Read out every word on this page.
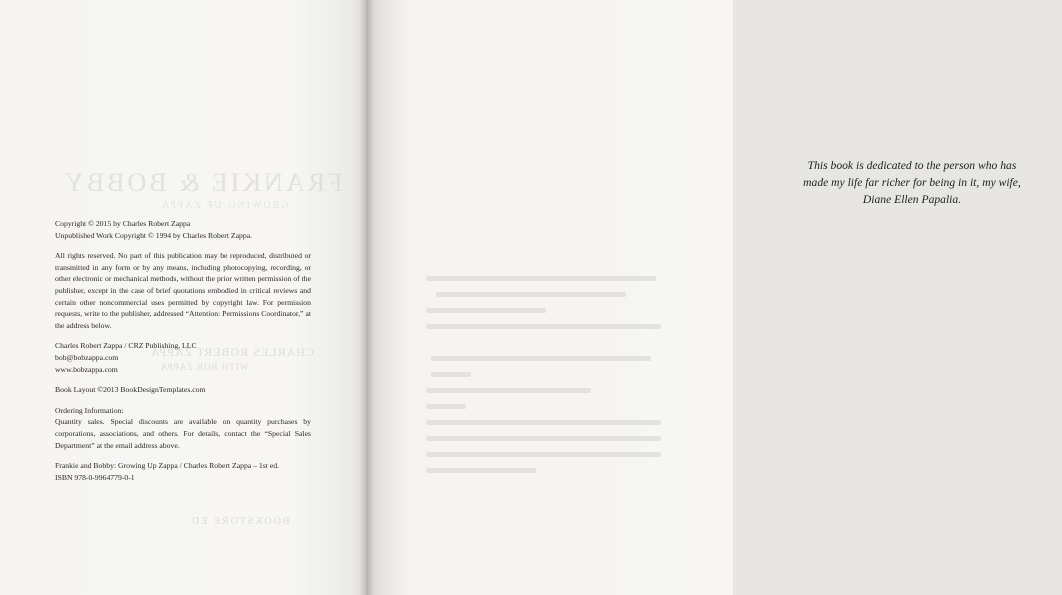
FRANKIE & BOBBY
GROWING UP ZAPPA
CHARLES ROBERT ZAPPA
WITH BOB ZAPPA
BOOKSTORE ED

Copyright © 2015 by Charles Robert Zappa

Unpublished Work Copyright © 1994 by Charles Robert Zappa.

All rights reserved. No part of this publication may be reproduced, distributed or transmitted in any form or by any means, including photocopying, recording, or other electronic or mechanical methods, without the prior written permission of the publisher, except in the case of brief quotations embodied in critical reviews and certain other noncommercial uses permitted by copyright law. For permission requests, write to the publisher, addressed “Attention: Permissions Coordinator,” at the address below.

Charles Robert Zappa / CRZ Publishing, LLC

bob@bobzappa.com

www.bobzappa.com

Book Layout ©2013 BookDesignTemplates.com

Ordering Information:

Quantity sales. Special discounts are available on quantity purchases by corporations, associations, and others. For details, contact the “Special Sales Department” at the email address above.

Frankie and Bobby: Growing Up Zappa / Charles Robert Zappa – 1st ed.

ISBN 978-0-9964779-0-1

This book is dedicated to the person who has
made my life far richer for being in it, my wife,
Diane Ellen Papalia.
